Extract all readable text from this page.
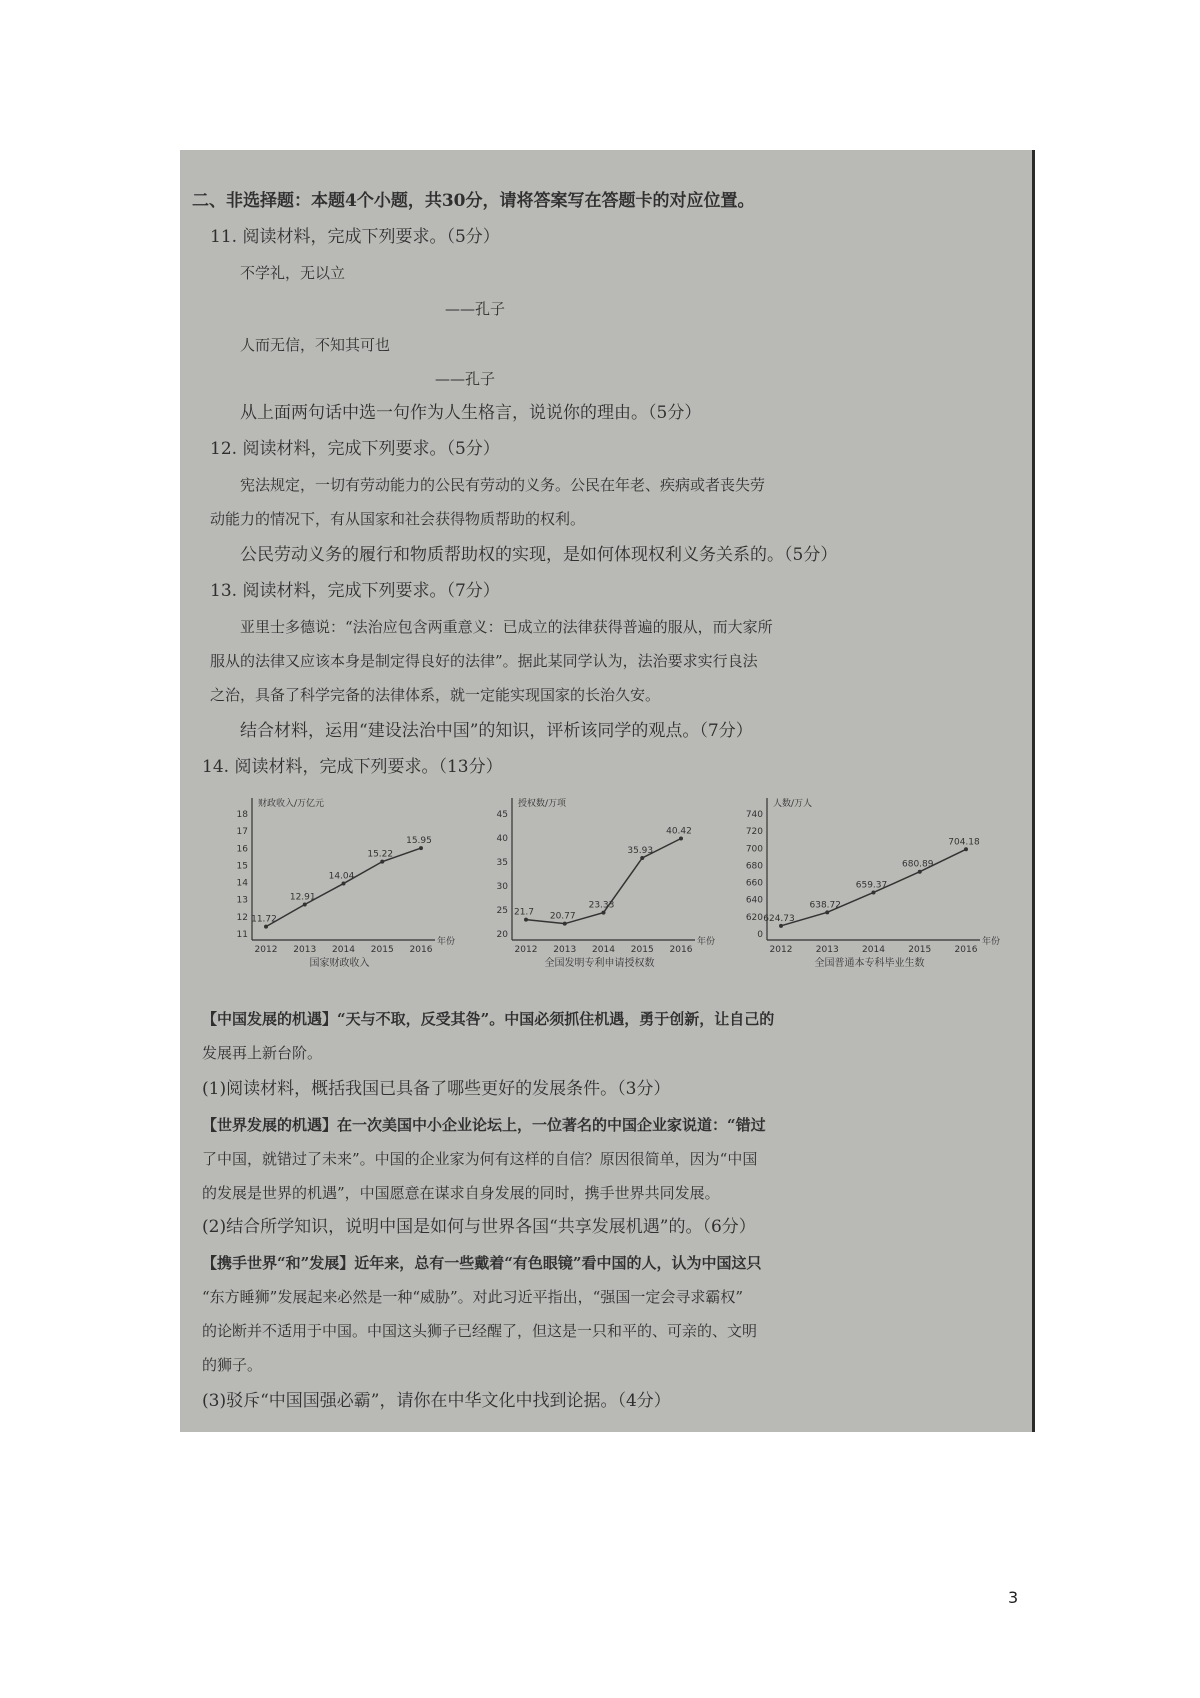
二、非选择题：本题4个小题，共30分，请将答案写在答题卡的对应位置。
11. 阅读材料，完成下列要求。（5分）
不学礼，无以立
——孔子
人而无信，不知其可也
——孔子
从上面两句话中选一句作为人生格言，说说你的理由。（5分）
12. 阅读材料，完成下列要求。（5分）
宪法规定，一切有劳动能力的公民有劳动的义务。公民在年老、疾病或者丧失劳
动能力的情况下，有从国家和社会获得物质帮助的权利。
公民劳动义务的履行和物质帮助权的实现，是如何体现权利义务关系的。（5分）
13. 阅读材料，完成下列要求。（7分）
亚里士多德说：“法治应包含两重意义：已成立的法律获得普遍的服从，而大家所
服从的法律又应该本身是制定得良好的法律”。据此某同学认为，法治要求实行良法
之治，具备了科学完备的法律体系，就一定能实现国家的长治久安。
结合材料，运用“建设法治中国”的知识，评析该同学的观点。（7分）
14. 阅读材料，完成下列要求。（13分）
财政收入/万亿元
年份
11
12
13
14
15
16
17
18
2012 2013 2014 2015 2016
11.72
12.91
14.04
15.22
15.95
国家财政收入
授权数/万项
年份
20
25
30
35
40
45
2012 2013 2014 2015 2016
21.7 20.77
23.33
35.93
40.42
全国发明专利申请授权数
人数/万人
年份
0
620
640
660
680
700
720
740
2012	2013	2014	2015	2016
624.73
638.72
659.37
680.89
704.18
全国普通本专科毕业生数
【中国发展的机遇】“天与不取，反受其咎”。中国必须抓住机遇，勇于创新，让自己的
发展再上新台阶。
(1)阅读材料，概括我国已具备了哪些更好的发展条件。（3分）
【世界发展的机遇】在一次美国中小企业论坛上，一位著名的中国企业家说道：“错过
了中国，就错过了未来”。中国的企业家为何有这样的自信？原因很简单，因为“中国
的发展是世界的机遇”，中国愿意在谋求自身发展的同时，携手世界共同发展。
(2)结合所学知识，说明中国是如何与世界各国“共享发展机遇”的。（6分）
【携手世界“和”发展】近年来，总有一些戴着“有色眼镜”看中国的人，认为中国这只
“东方睡狮”发展起来必然是一种“威胁”。对此习近平指出，“强国一定会寻求霸权”
的论断并不适用于中国。中国这头狮子已经醒了，但这是一只和平的、可亲的、文明
的狮子。
(3)驳斥“中国国强必霸”，请你在中华文化中找到论据。（4分）
3
